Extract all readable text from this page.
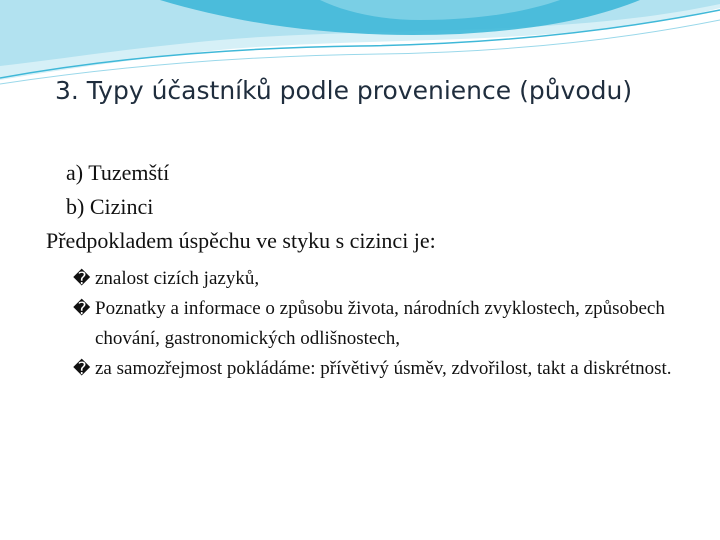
3. Typy účastníků podle provenience (původu)
a) Tuzemští
b) Cizinci
Předpokladem úspěchu ve styku s cizinci je:
� znalost cizích jazyků,
� Poznatky a informace o způsobu života, národních zvyklostech, způsobech chování, gastronomických odlišnostech,
� za samozřejmost pokládáme: přívětivý úsměv, zdvořilost, takt a diskrétnost.
